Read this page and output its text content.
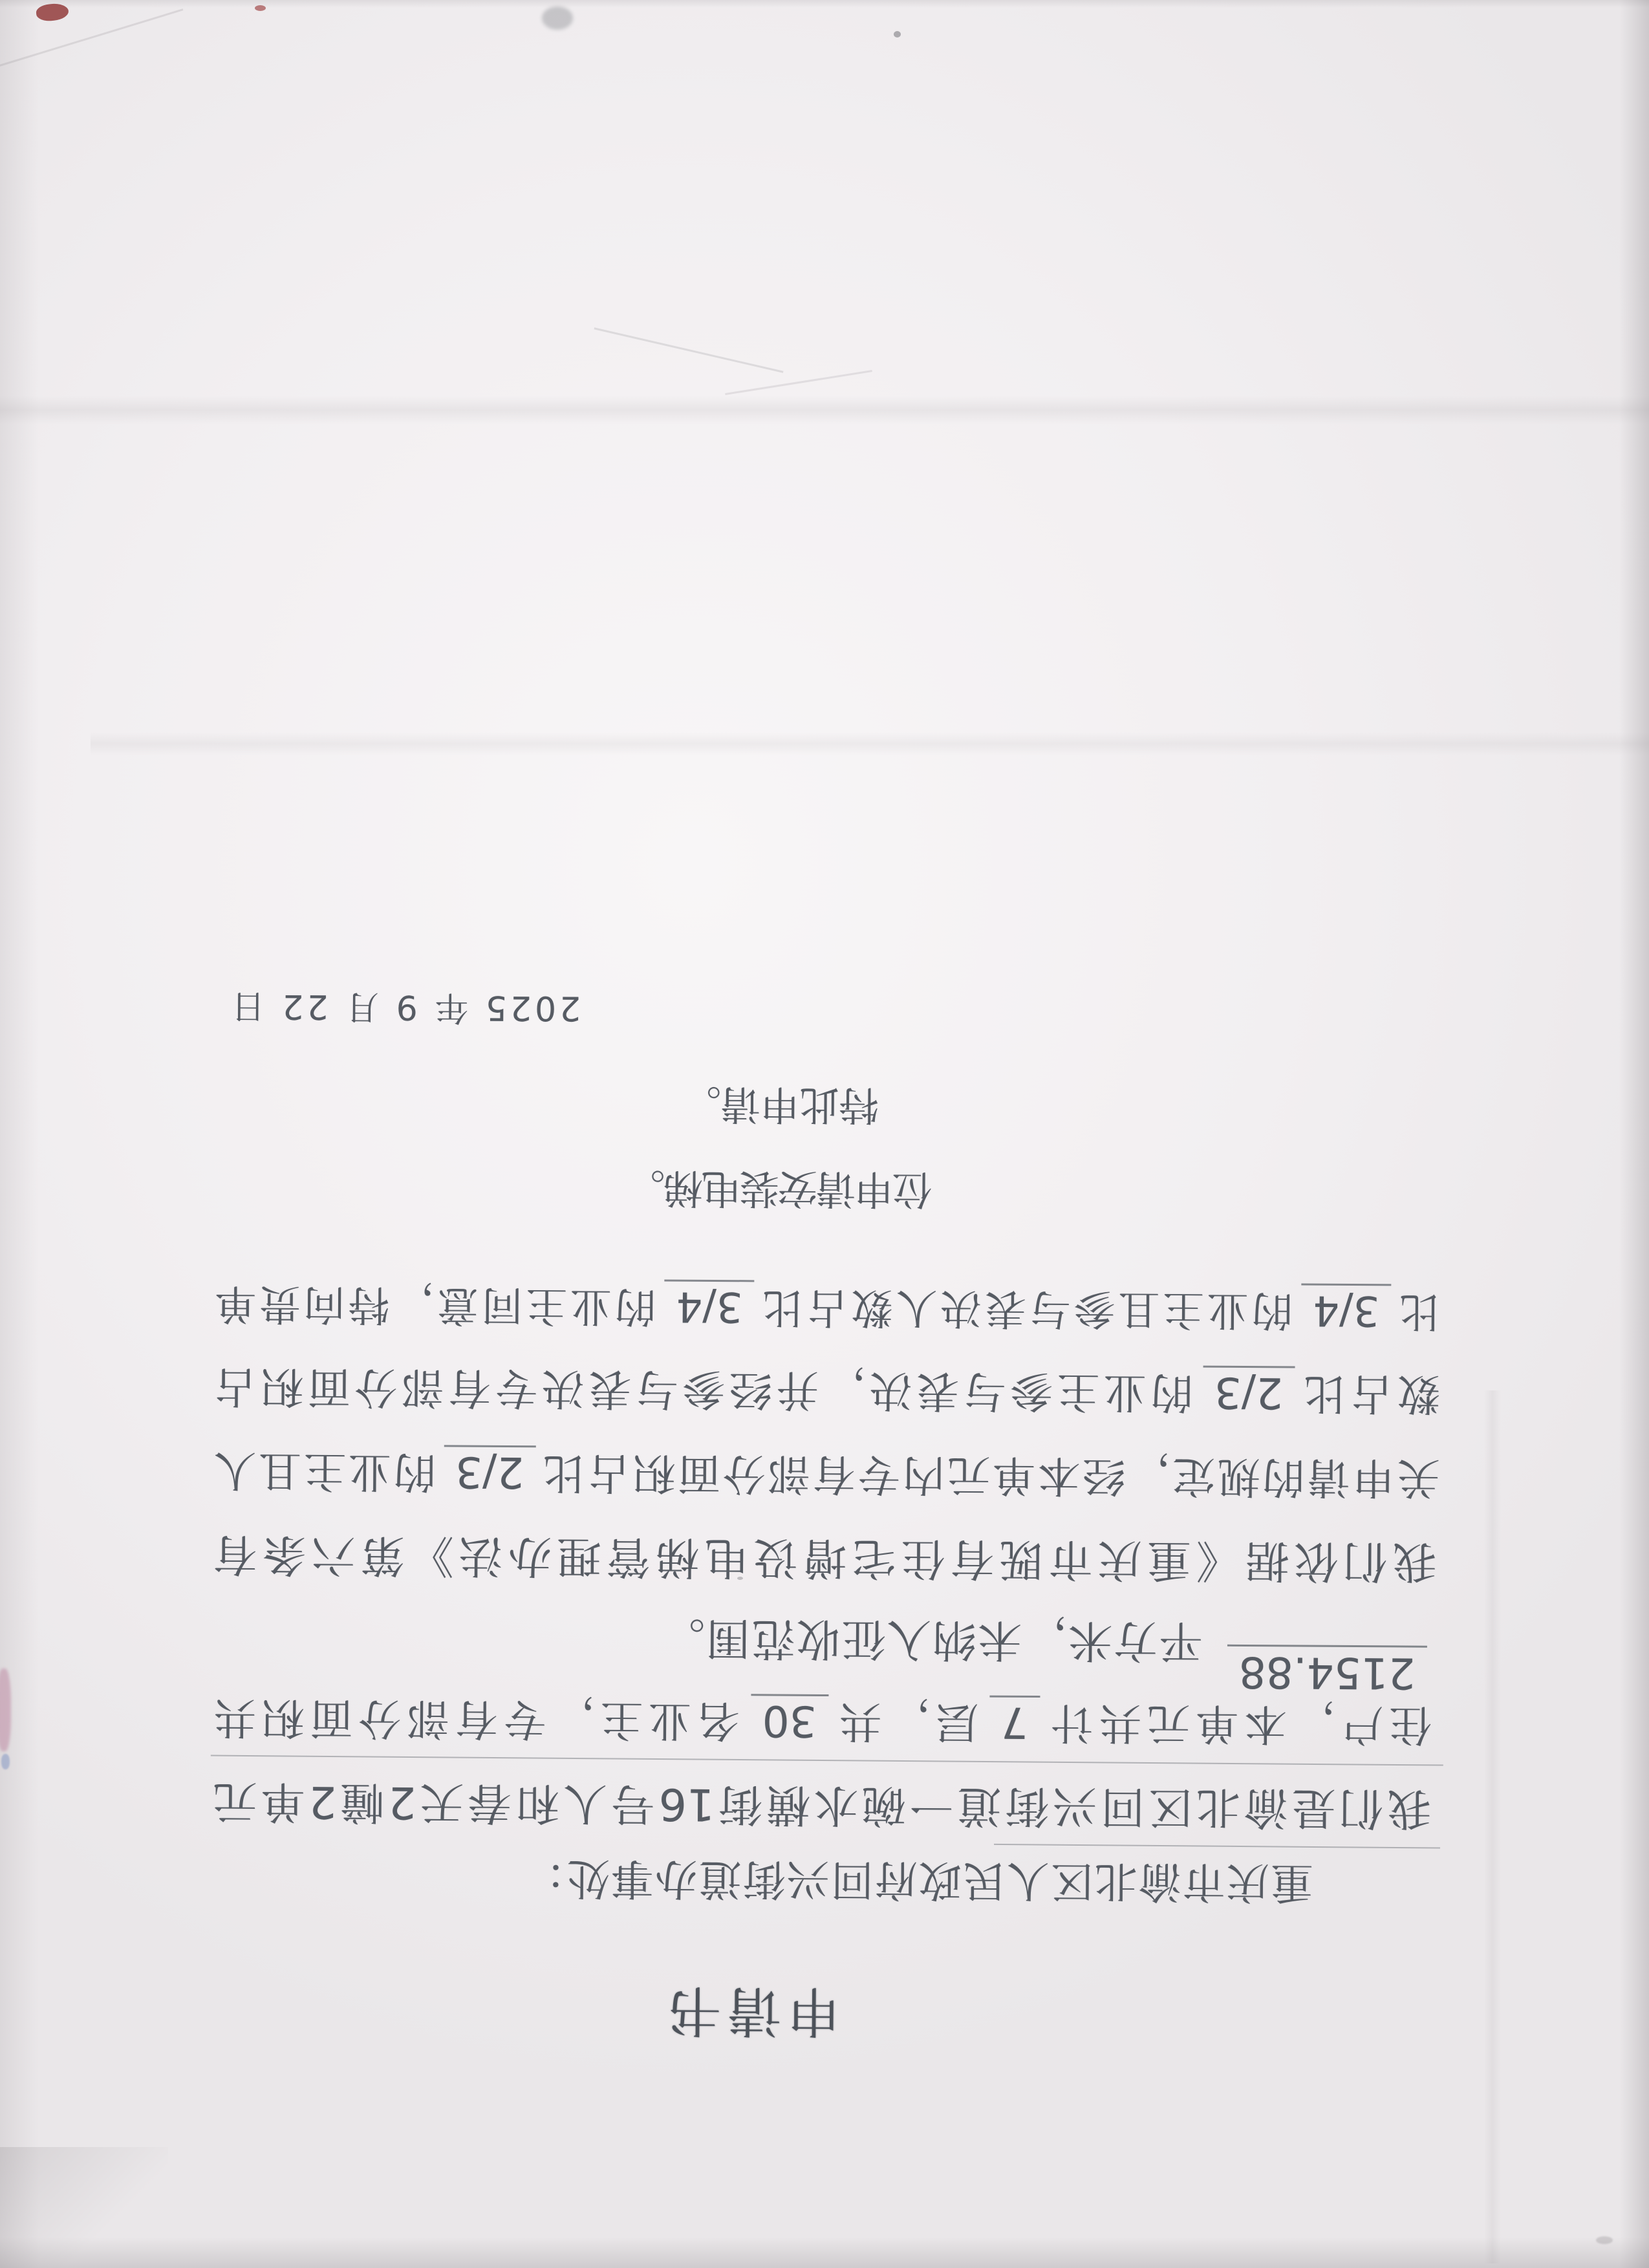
申请书
重庆市渝北区人民政府回兴街道办事处：
我们是渝北区回兴街道一碗水横街16号人和春天2幢2单元
住户，本单元共计7层，共30名业主，专有部分面积共2154.88
平方米，未纳入征收范围。
我们依据《重庆市既有住宅增设电梯管理办法》第六条有
关申请的规定，经本单元内专有部分面积占比2/3的业主且人
数占比2/3的业主参与表决，并经参与表决专有部分面积占
比3/4的业主且参与表决人数占比3/4的业主同意，特向贵单
位申请安装电梯。
特此申请。
2025 年 9 月 22 日
